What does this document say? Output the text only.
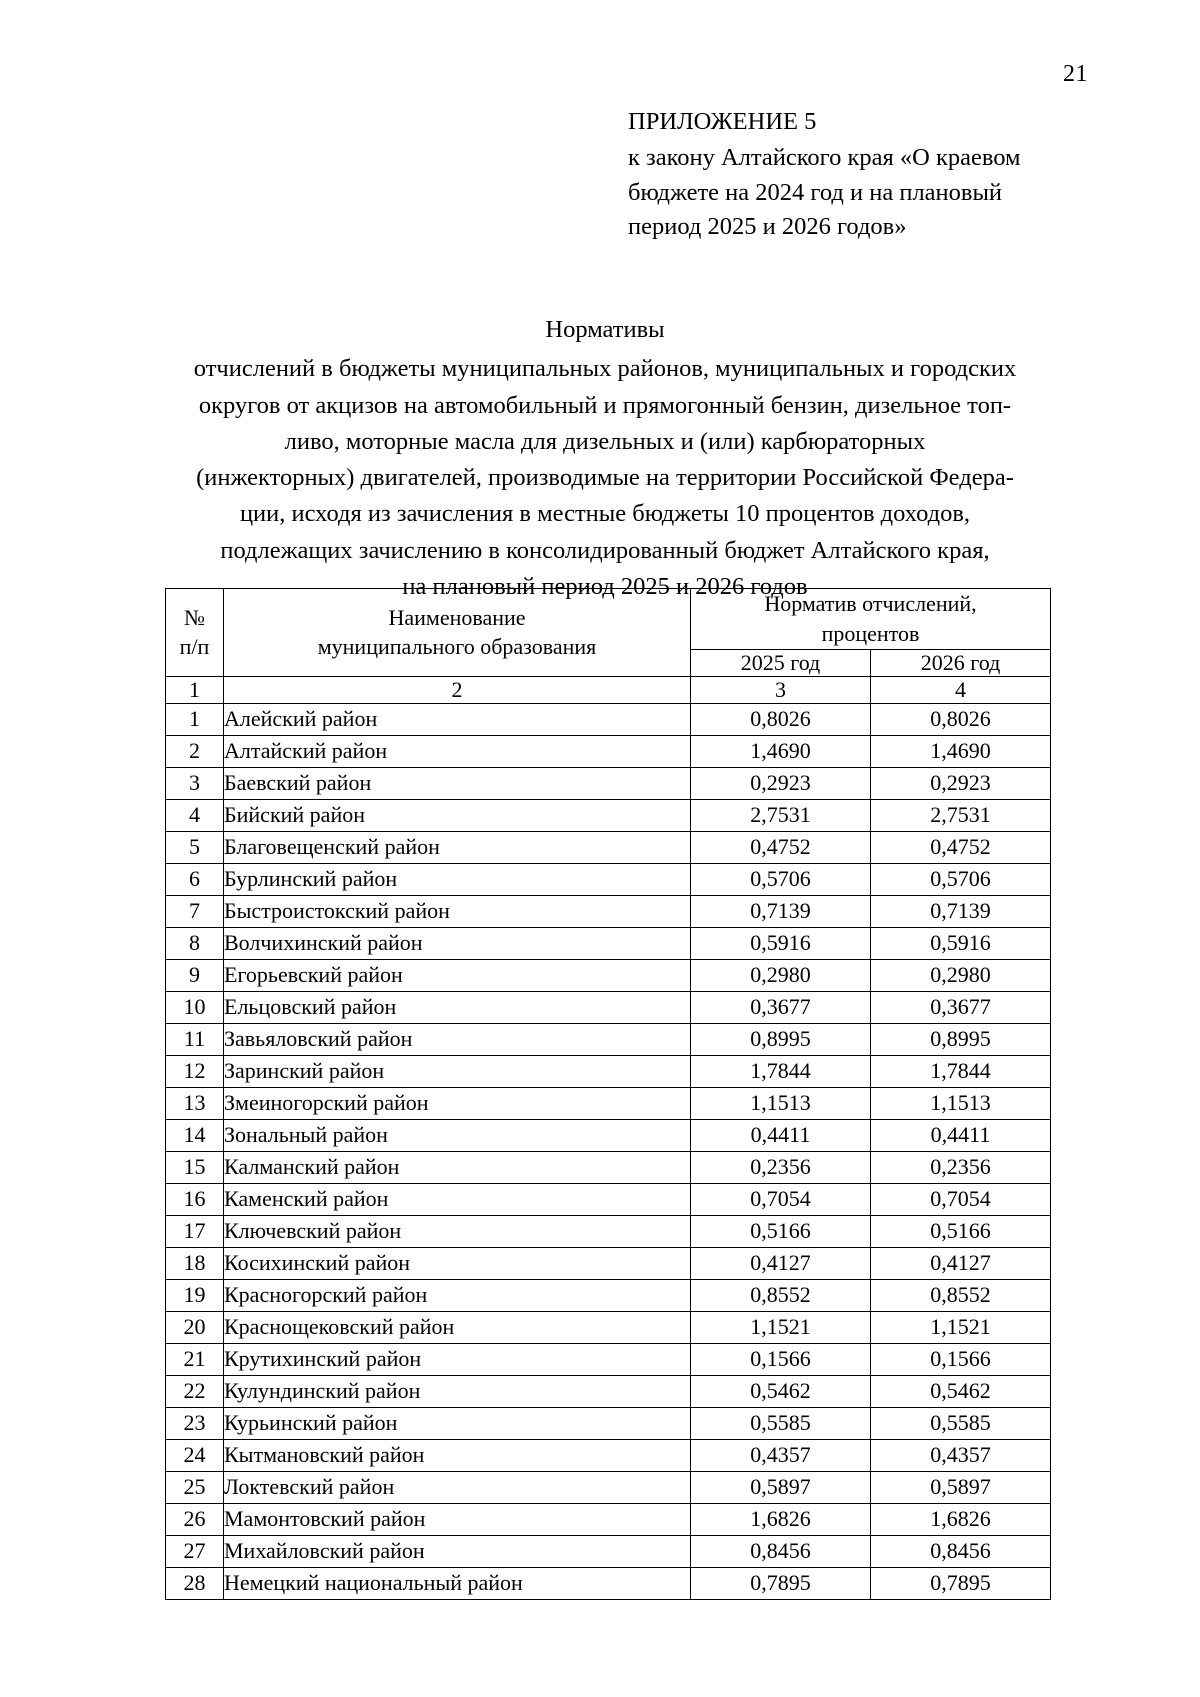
21
ПРИЛОЖЕНИЕ 5
к закону Алтайского края «О краевом
бюджете на 2024 год и на плановый
период 2025 и 2026 годов»
Нормативы
отчислений в бюджеты муниципальных районов, муниципальных и городских
округов от акцизов на автомобильный и прямогонный бензин, дизельное топ-
ливо, моторные масла для дизельных и (или) карбюраторных
(инжекторных) двигателей, производимые на территории Российской Федера-
ции, исходя из зачисления в местные бюджеты 10 процентов доходов,
подлежащих зачислению в консолидированный бюджет Алтайского края,
на плановый период 2025 и 2026 годов
№
п/п

Наименование
муниципального образования

Норматив отчислений,
процентов

		2025 год	2026 год
1	2	3	4
1	Алейский район	0,8026	0,8026
2	Алтайский район	1,4690	1,4690
3	Баевский район	0,2923	0,2923
4	Бийский район	2,7531	2,7531
5	Благовещенский район	0,4752	0,4752
6	Бурлинский район	0,5706	0,5706
7	Быстроистокский район	0,7139	0,7139
8	Волчихинский район	0,5916	0,5916
9	Егорьевский район	0,2980	0,2980
10	Ельцовский район	0,3677	0,3677
11	Завьяловский район	0,8995	0,8995
12	Заринский район	1,7844	1,7844
13	Змеиногорский район	1,1513	1,1513
14	Зональный район	0,4411	0,4411
15	Калманский район	0,2356	0,2356
16	Каменский район	0,7054	0,7054
17	Ключевский район	0,5166	0,5166
18	Косихинский район	0,4127	0,4127
19	Красногорский район	0,8552	0,8552
20	Краснощековский район	1,1521	1,1521
21	Крутихинский район	0,1566	0,1566
22	Кулундинский район	0,5462	0,5462
23	Курьинский район	0,5585	0,5585
24	Кытмановский район	0,4357	0,4357
25	Локтевский район	0,5897	0,5897
26	Мамонтовский район	1,6826	1,6826
27	Михайловский район	0,8456	0,8456
28	Немецкий национальный район	0,7895	0,7895
